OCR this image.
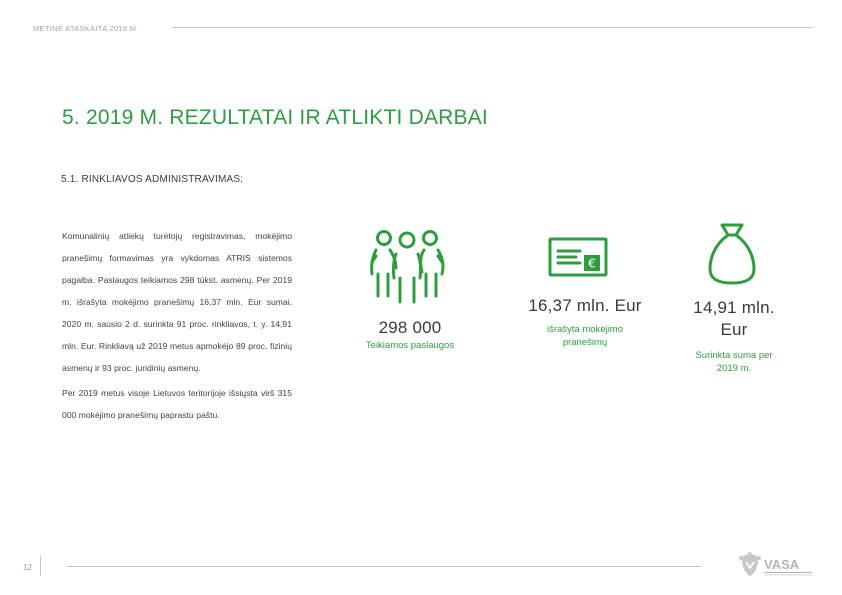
METINĖ ATASKAITA 2019 M.
5. 2019 M. REZULTATAI IR ATLIKTI DARBAI
5.1. RINKLIAVOS ADMINISTRAVIMAS:

Komunalinių atliekų turėtojų registravimas, mokėjimo pranešimų formavimas yra vykdomas ATRIS sistemos pagalba. Paslaugos teikiamos 298 tūkst. asmenų. Per 2019 m. išrašyta mokėjimo pranešimų 16,37 mln. Eur sumai. 2020 m. sausio 2 d. surinkta 91 proc. rinkliavos, t. y. 14,91 mln. Eur. Rinkliavą už 2019 metus apmokėjo 89 proc. fizinių asmenų ir 93 proc. juridinių asmenų.

Per 2019 metus visoje Lietuvos teritorijoje išsiųsta virš 315 000 mokėjimo pranešimų paprastu paštu.

€
298 000
Teikiamos paslaugos
16,37 mln. Eur
išrašyta mokėjimo pranešimų
14,91 mln. Eur
Surinkta suma per 2019 m.
12	VASA
